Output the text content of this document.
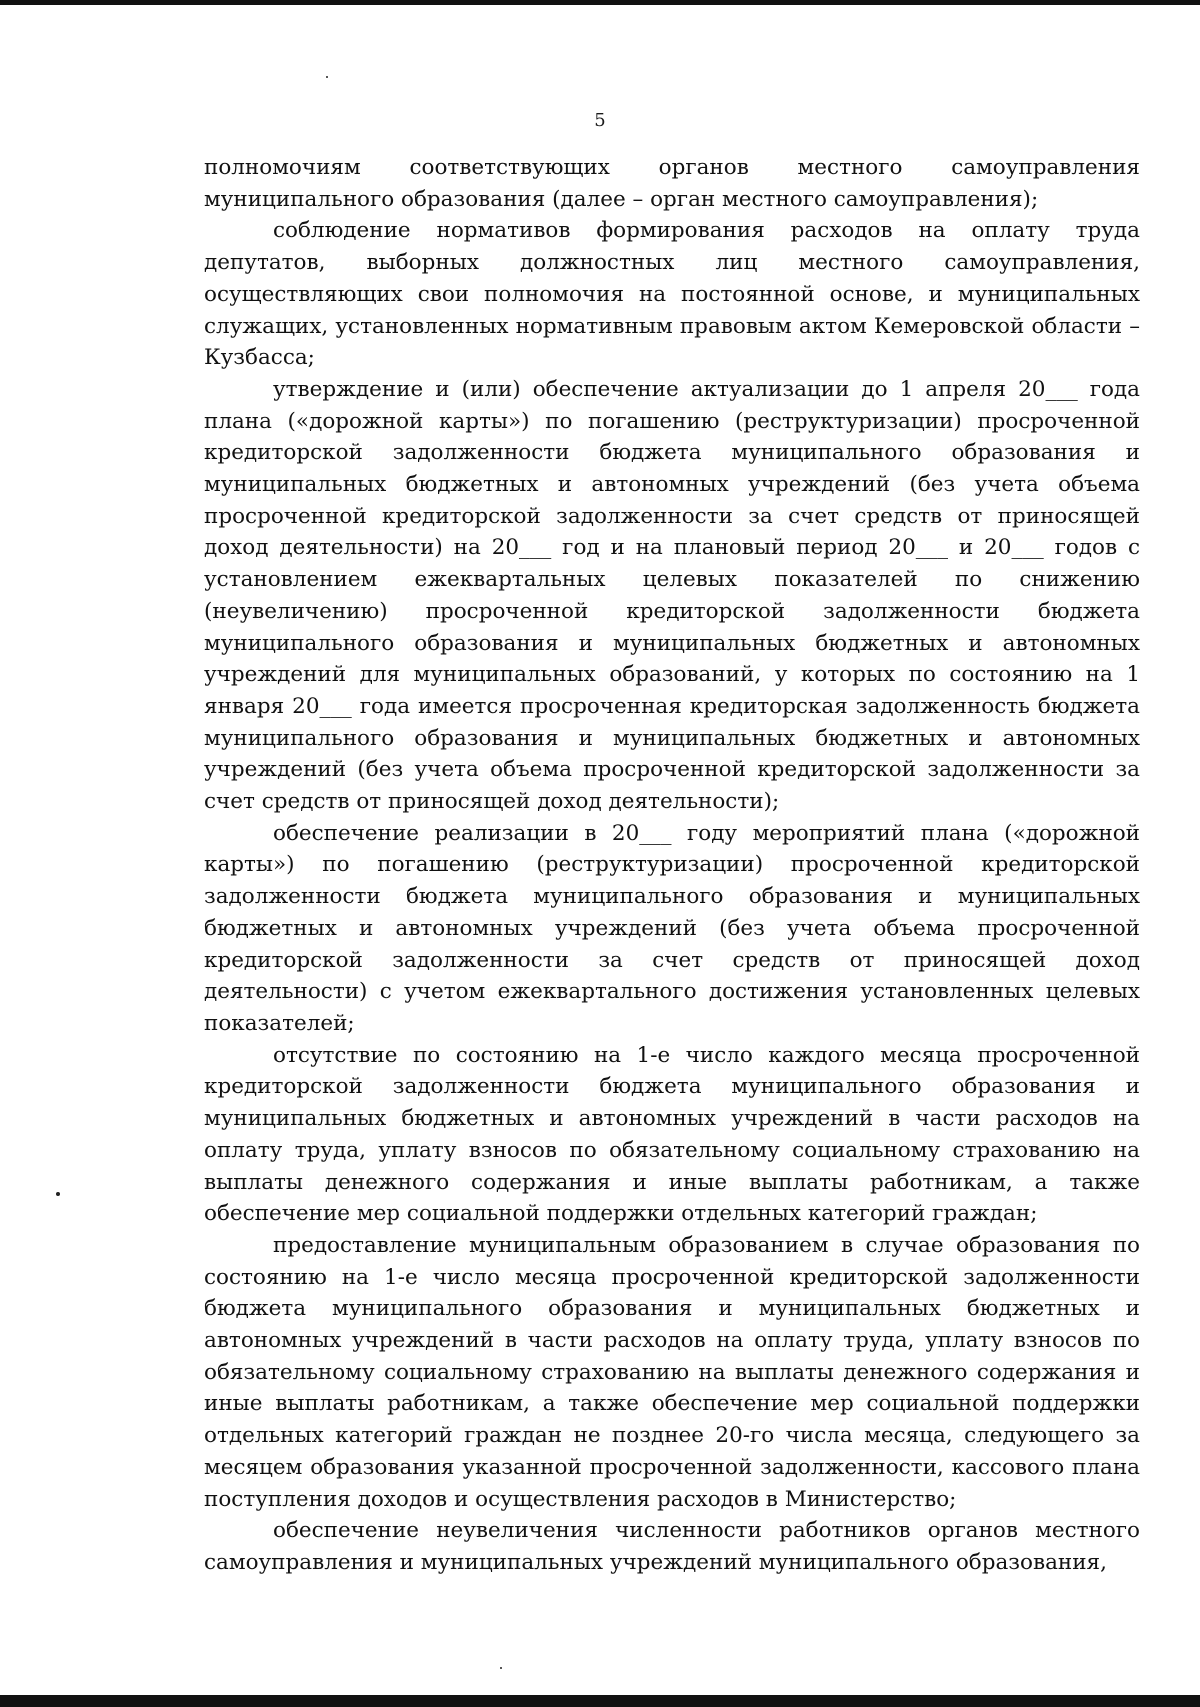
5

полномочиям соответствующих органов местного самоуправления муниципального образования (далее – орган местного самоуправления);

соблюдение нормативов формирования расходов на оплату труда депутатов, выборных должностных лиц местного самоуправления, осуществляющих свои полномочия на постоянной основе, и муниципальных служащих, установленных нормативным правовым актом Кемеровской области – Кузбасса;

утверждение и (или) обеспечение актуализации до 1 апреля 20___ года плана («дорожной карты») по погашению (реструктуризации) просроченной кредиторской задолженности бюджета муниципального образования и муниципальных бюджетных и автономных учреждений (без учета объема просроченной кредиторской задолженности за счет средств от приносящей доход деятельности) на 20___ год и на плановый период 20___ и 20___ годов с установлением ежеквартальных целевых показателей по снижению (неувеличению) просроченной кредиторской задолженности бюджета муниципального образования и муниципальных бюджетных и автономных учреждений для муниципальных образований, у которых по состоянию на 1 января 20___ года имеется просроченная кредиторская задолженность бюджета муниципального образования и муниципальных бюджетных и автономных учреждений (без учета объема просроченной кредиторской задолженности за счет средств от приносящей доход деятельности);

обеспечение реализации в 20___ году мероприятий плана («дорожной карты») по погашению (реструктуризации) просроченной кредиторской задолженности бюджета муниципального образования и муниципальных бюджетных и автономных учреждений (без учета объема просроченной кредиторской задолженности за счет средств от приносящей доход деятельности) с учетом ежеквартального достижения установленных целевых показателей;

отсутствие по состоянию на 1-е число каждого месяца просроченной кредиторской задолженности бюджета муниципального образования и муниципальных бюджетных и автономных учреждений в части расходов на оплату труда, уплату взносов по обязательному социальному страхованию на выплаты денежного содержания и иные выплаты работникам, а также обеспечение мер социальной поддержки отдельных категорий граждан;

предоставление муниципальным образованием в случае образования по состоянию на 1-е число месяца просроченной кредиторской задолженности бюджета муниципального образования и муниципальных бюджетных и автономных учреждений в части расходов на оплату труда, уплату взносов по обязательному социальному страхованию на выплаты денежного содержания и иные выплаты работникам, а также обеспечение мер социальной поддержки отдельных категорий граждан не позднее 20-го числа месяца, следующего за месяцем образования указанной просроченной задолженности, кассового плана поступления доходов и осуществления расходов в Министерство;

обеспечение неувеличения численности работников органов местного самоуправления и муниципальных учреждений муниципального образования,
